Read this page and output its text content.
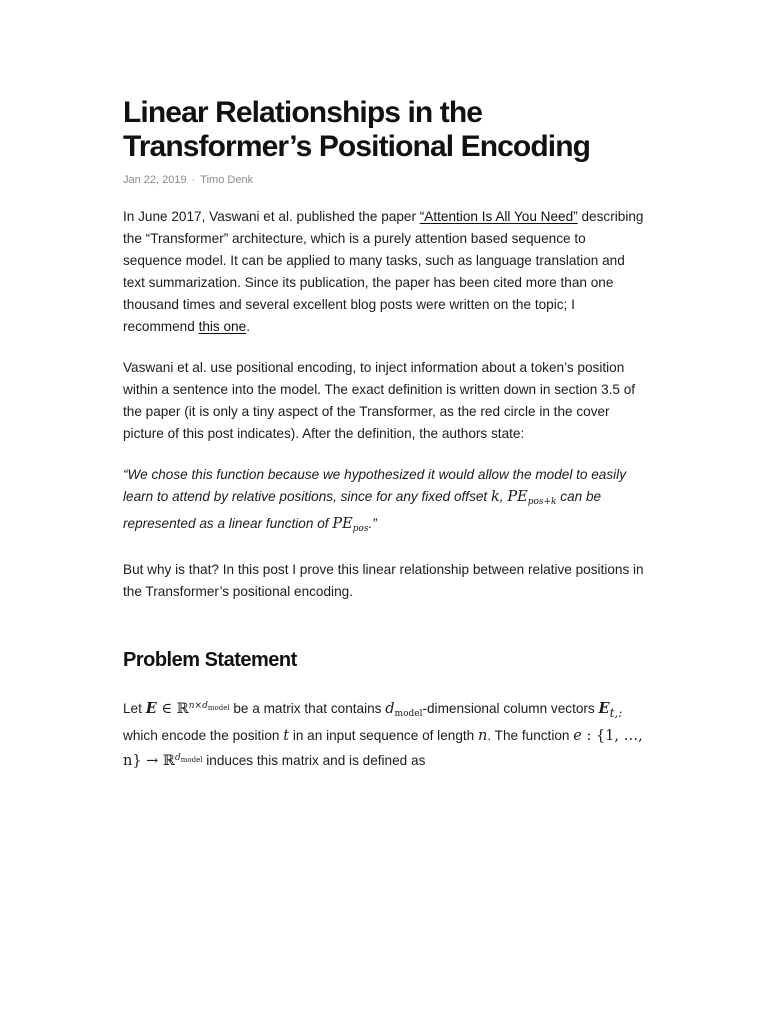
Linear Relationships in the Transformer’s Positional Encoding
Jan 22, 2019 · Timo Denk

In June 2017, Vaswani et al. published the paper “Attention Is All You Need” describing the “Transformer” architecture, which is a purely attention based sequence to sequence model. It can be applied to many tasks, such as language translation and text summarization. Since its publication, the paper has been cited more than one thousand times and several excellent blog posts were written on the topic; I recommend this one.

Vaswani et al. use positional encoding, to inject information about a token’s position within a sentence into the model. The exact definition is written down in section 3.5 of the paper (it is only a tiny aspect of the Transformer, as the red circle in the cover picture of this post indicates). After the definition, the authors state:

“We chose this function because we hypothesized it would allow the model to easily learn to attend by relative positions, since for any fixed offset k, $PE_{pos+k}$ can be represented as a linear function of $PE_{pos}$.”

But why is that? In this post I prove this linear relationship between relative positions in the Transformer’s positional encoding.

Problem Statement

Let E ∈ ℝ$^{n\times d_{model}}$ be a matrix that contains $d_{model}$-dimensional column vectors $E_{t,:}$ which encode the position t in an input sequence of length n. The function e : {1, …, n} → ℝ$^{d_{model}}$ induces this matrix and is defined as
